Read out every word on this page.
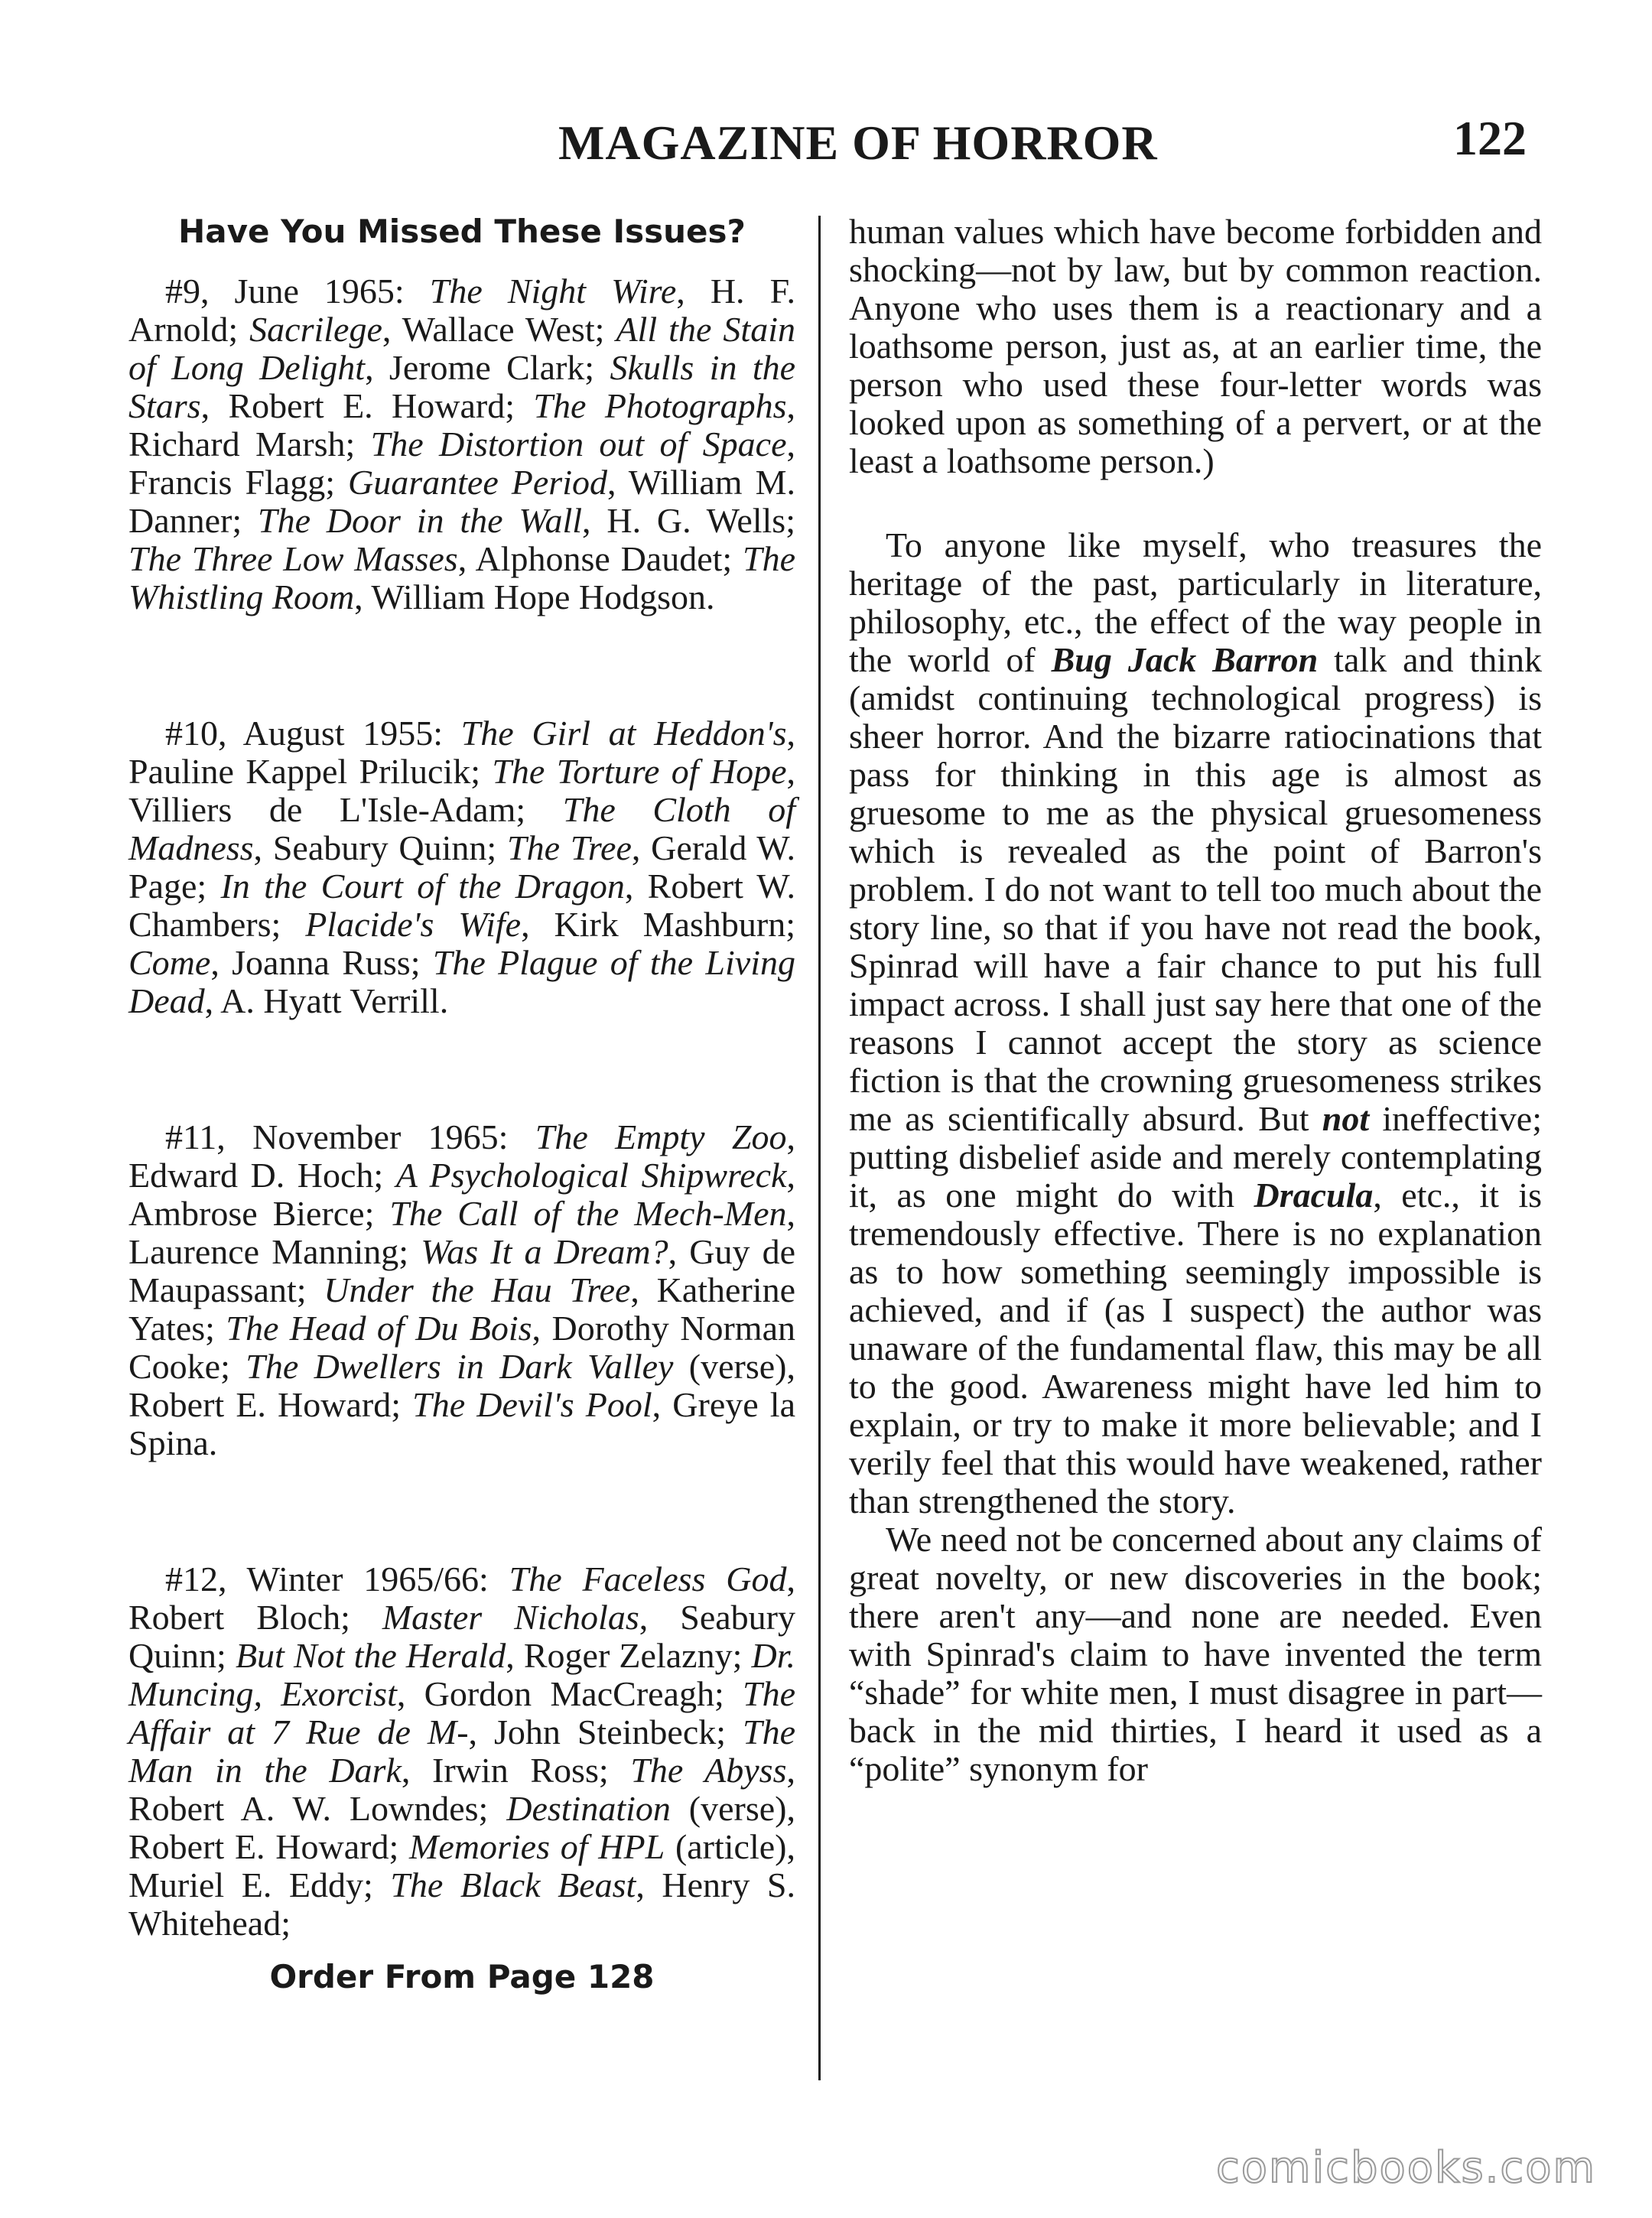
MAGAZINE OF HORROR	122
Have You Missed These Issues?

#9, June 1965: The Night Wire, H. F. Arnold; Sacrilege, Wallace West; All the Stain of Long Delight, Jerome Clark; Skulls in the Stars, Robert E. Howard; The Photographs, Richard Marsh; The Distortion out of Space, Francis Flagg; Guarantee Period, William M. Danner; The Door in the Wall, H. G. Wells; The Three Low Masses, Alphonse Daudet; The Whistling Room, William Hope Hodgson.

#10, August 1955: The Girl at Heddon's, Pauline Kappel Prilucik; The Torture of Hope, Villiers de L'Isle-Adam; The Cloth of Madness, Seabury Quinn; The Tree, Gerald W. Page; In the Court of the Dragon, Robert W. Chambers; Placide's Wife, Kirk Mashburn; Come, Joanna Russ; The Plague of the Living Dead, A. Hyatt Verrill.

#11, November 1965: The Empty Zoo, Edward D. Hoch; A Psychological Shipwreck, Ambrose Bierce; The Call of the Mech-Men, Laurence Manning; Was It a Dream?, Guy de Maupassant; Under the Hau Tree, Katherine Yates; The Head of Du Bois, Dorothy Norman Cooke; The Dwellers in Dark Valley (verse), Robert E. Howard; The Devil's Pool, Greye la Spina.

#12, Winter 1965/66: The Faceless God, Robert Bloch; Master Nicholas, Seabury Quinn; But Not the Herald, Roger Zelazny; Dr. Muncing, Exorcist, Gordon MacCreagh; The Affair at 7 Rue de M-, John Steinbeck; The Man in the Dark, Irwin Ross; The Abyss, Robert A. W. Lowndes; Destination (verse), Robert E. Howard; Memories of HPL (article), Muriel E. Eddy; The Black Beast, Henry S. Whitehead;

Order From Page 128

human values which have become forbidden and shocking—not by law, but by common reaction. Anyone who uses them is a reactionary and a loathsome person, just as, at an earlier time, the person who used these four-letter words was looked upon as something of a pervert, or at the least a loathsome person.)

To anyone like myself, who treasures the heritage of the past, particularly in literature, philosophy, etc., the effect of the way people in the world of Bug Jack Barron talk and think (amidst continuing technological progress) is sheer horror. And the bizarre ratiocinations that pass for thinking in this age is almost as gruesome to me as the physical gruesomeness which is revealed as the point of Barron's problem. I do not want to tell too much about the story line, so that if you have not read the book, Spinrad will have a fair chance to put his full impact across. I shall just say here that one of the reasons I cannot accept the story as science fiction is that the crowning gruesomeness strikes me as scientifically absurd. But not ineffective; putting disbelief aside and merely contemplating it, as one might do with Dracula, etc., it is tremendously effective. There is no explanation as to how something seemingly impossible is achieved, and if (as I suspect) the author was unaware of the fundamental flaw, this may be all to the good. Awareness might have led him to explain, or try to make it more believable; and I verily feel that this would have weakened, rather than strengthened the story.

We need not be concerned about any claims of great novelty, or new discoveries in the book; there aren't any—and none are needed. Even with Spinrad's claim to have invented the term “shade” for white men, I must disagree in part—back in the mid thirties, I heard it used as a “polite” synonym for

comicbooks.com
